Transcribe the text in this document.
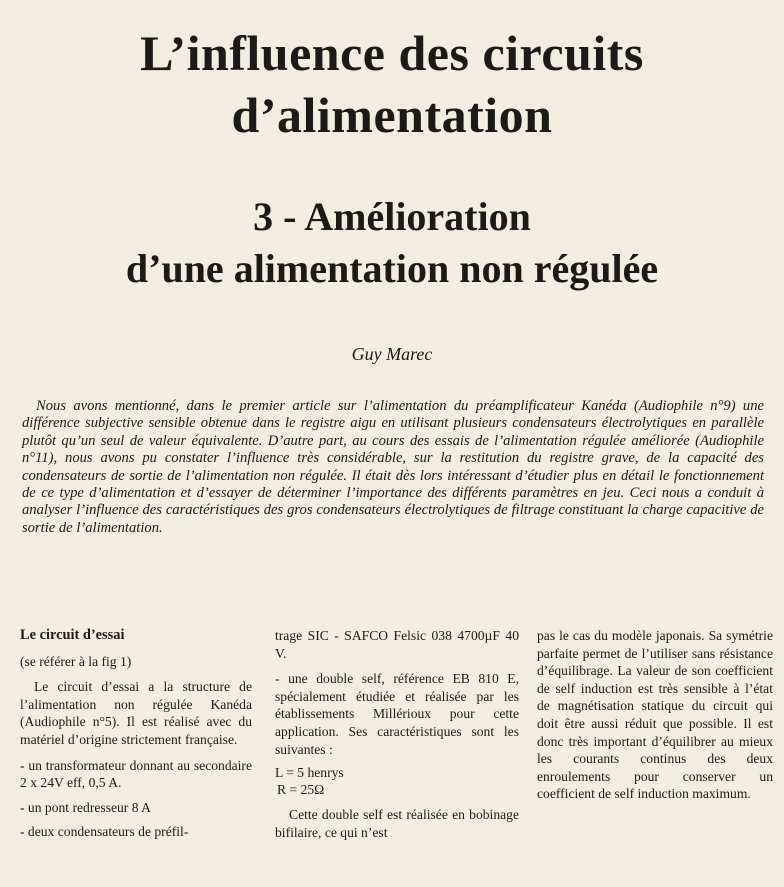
L’influence des circuits
d’alimentation
3 - Amélioration
d’une alimentation non régulée
Guy Marec

Nous avons mentionné, dans le premier article sur l’alimentation du préamplificateur Kanéda (Audiophile n°9) une différence subjective sensible obtenue dans le registre aigu en utilisant plusieurs condensateurs électrolytiques en parallèle plutôt qu’un seul de valeur équivalente. D’autre part, au cours des essais de l’alimentation régulée améliorée (Audiophile n°11), nous avons pu constater l’influence très considérable, sur la restitution du registre grave, de la capacité des condensateurs de sortie de l’alimentation non régulée. Il était dès lors intéressant d’étudier plus en détail le fonctionnement de ce type d’alimentation et d’essayer de déterminer l’importance des différents paramètres en jeu. Ceci nous a conduit à analyser l’influence des caractéristiques des gros condensateurs électrolytiques de filtrage constituant la charge capacitive de sortie de l’alimentation.

Le circuit d’essai

(se référer à la fig 1)

Le circuit d’essai a la structure de l’alimentation non régulée Kanéda (Audiophile n°5). Il est réalisé avec du matériel d’origine strictement française.

- un transformateur donnant au secondaire 2 x 24V eff, 0,5 A.

- un pont redresseur 8 A

- deux condensateurs de préfil-

trage SIC - SAFCO Felsic 038 4700µF 40 V.

- une double self, référence EB 810 E, spécialement étudiée et réalisée par les établissements Millérioux pour cette application. Ses caractéristiques sont les suivantes :

L = 5 henrys
R = 25Ω

Cette double self est réalisée en bobinage bifilaire, ce qui n’est

pas le cas du modèle japonais. Sa symétrie parfaite permet de l’utiliser sans résistance d’équilibrage. La valeur de son coefficient de self induction est très sensible à l’état de magnétisation statique du circuit qui doit être aussi réduit que possible. Il est donc très important d’équilibrer au mieux les courants continus des deux enroulements pour conserver un coefficient de self induction maximum.
